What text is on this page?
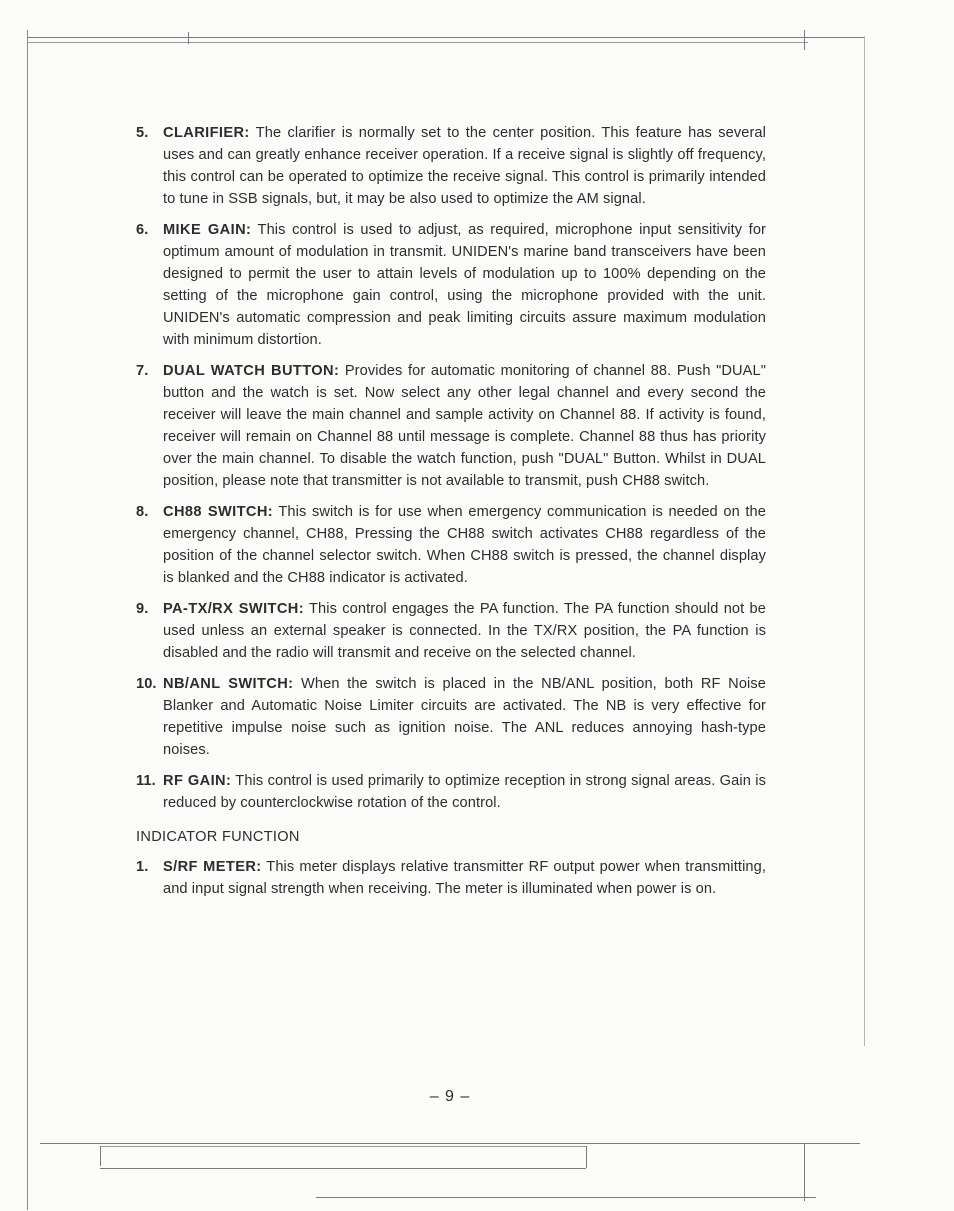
5.	CLARIFIER: The clarifier is normally set to the center position. This feature has several uses and can greatly enhance receiver operation. If a receive signal is slightly off frequency, this control can be operated to optimize the receive signal. This control is primarily intended to tune in SSB signals, but, it may be also used to optimize the AM signal.
6.	MIKE GAIN: This control is used to adjust, as required, microphone input sensitivity for optimum amount of modulation in transmit. UNIDEN's marine band transceivers have been designed to permit the user to attain levels of modulation up to 100% depending on the setting of the microphone gain control, using the microphone provided with the unit. UNIDEN's automatic compression and peak limiting circuits assure maximum modulation with minimum distortion.
7.	DUAL WATCH BUTTON: Provides for automatic monitoring of channel 88. Push "DUAL" button and the watch is set. Now select any other legal channel and every second the receiver will leave the main channel and sample activity on Channel 88. If activity is found, receiver will remain on Channel 88 until message is complete. Channel 88 thus has priority over the main channel. To disable the watch function, push "DUAL" Button. Whilst in DUAL position, please note that transmitter is not available to transmit, push CH88 switch.
8.	CH88 SWITCH: This switch is for use when emergency communication is needed on the emergency channel, CH88, Pressing the CH88 switch activates CH88 regardless of the position of the channel selector switch. When CH88 switch is pressed, the channel display is blanked and the CH88 indicator is activated.
9.	PA-TX/RX SWITCH: This control engages the PA function. The PA function should not be used unless an external speaker is connected. In the TX/RX position, the PA function is disabled and the radio will transmit and receive on the selected channel.
10. NB/ANL SWITCH: When the switch is placed in the NB/ANL position, both RF Noise Blanker and Automatic Noise Limiter circuits are activated. The NB is very effective for repetitive impulse noise such as ignition noise. The ANL reduces annoying hash-type noises.
11. RF GAIN: This control is used primarily to optimize reception in strong signal areas. Gain is reduced by counterclockwise rotation of the control.
INDICATOR FUNCTION
1.	S/RF METER: This meter displays relative transmitter RF output power when transmitting, and input signal strength when receiving. The meter is illuminated when power is on.
– 9 –
